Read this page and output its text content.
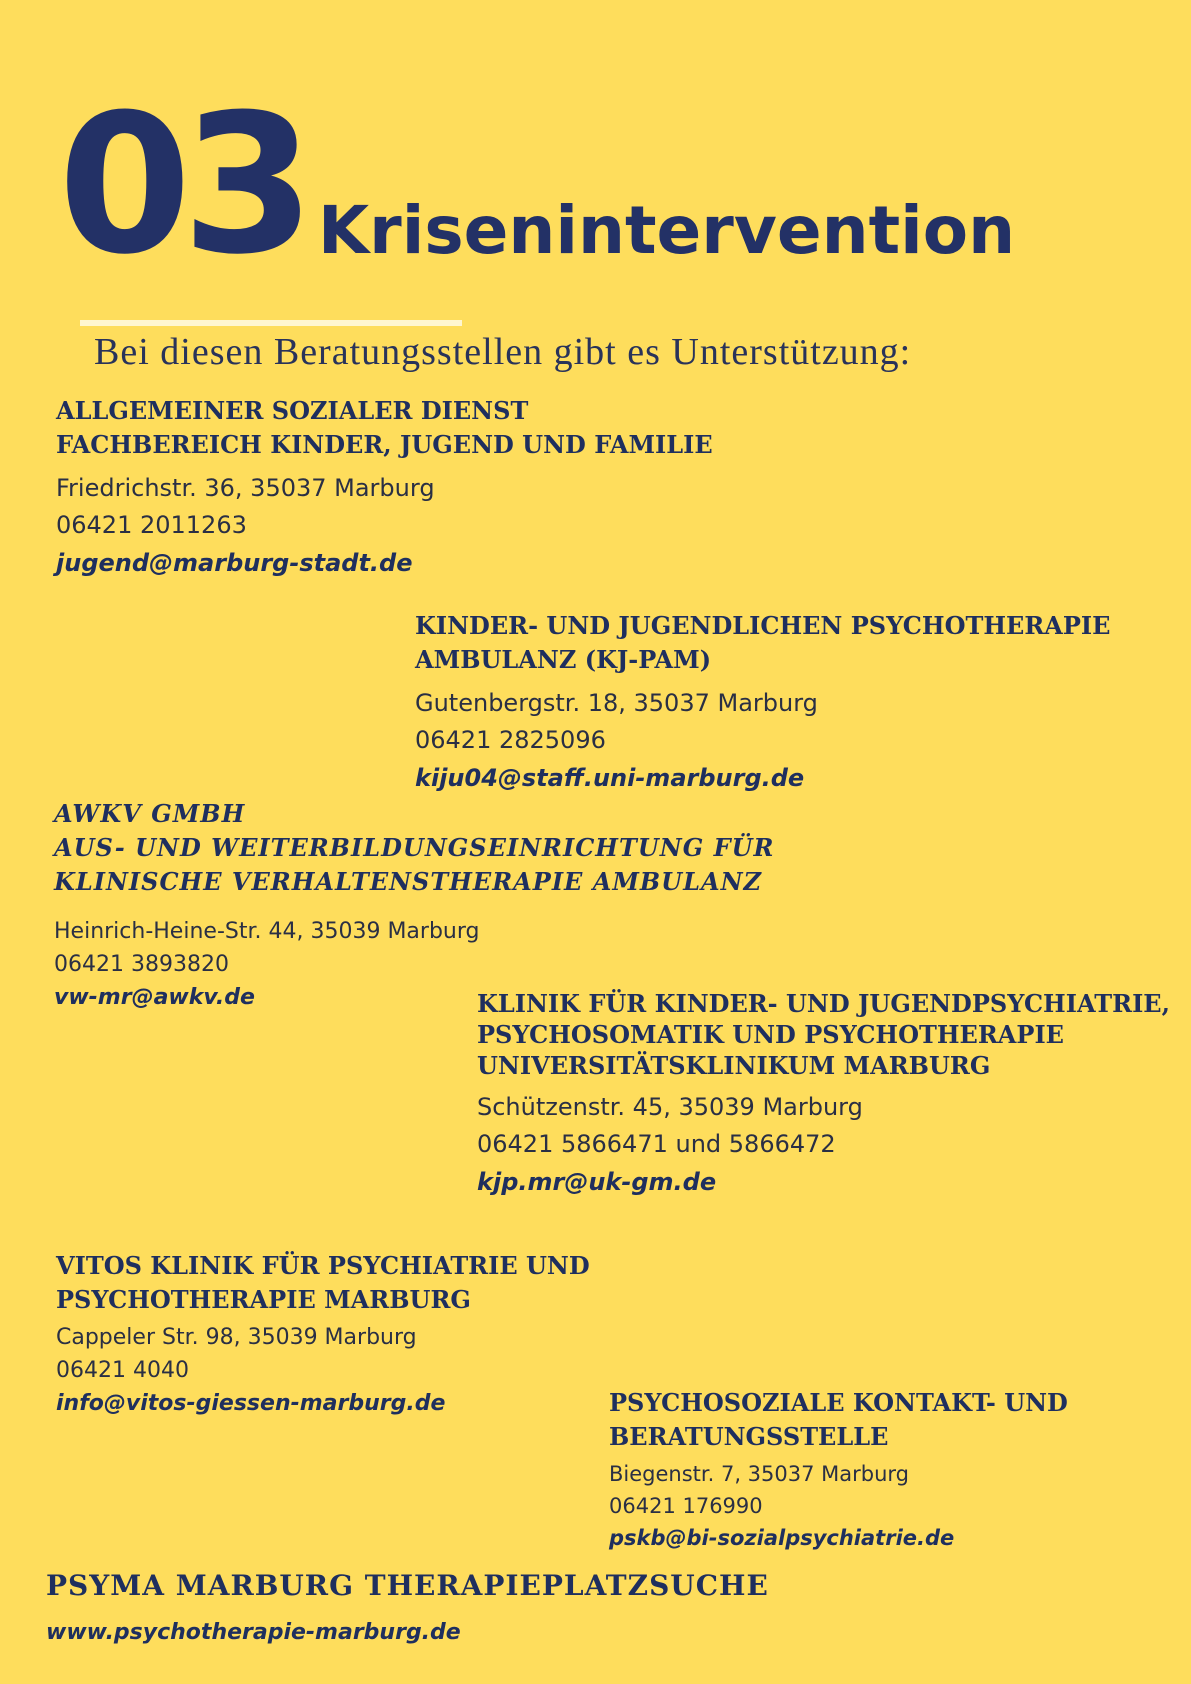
03 Krisenintervention
Bei diesen Beratungsstellen gibt es Unterstützung:
ALLGEMEINER SOZIALER DIENST
FACHBEREICH KINDER, JUGEND UND FAMILIE
Friedrichstr. 36, 35037 Marburg
06421 2011263
jugend@marburg-stadt.de
KINDER- UND JUGENDLICHEN PSYCHOTHERAPIE
AMBULANZ (KJ-PAM)
Gutenbergstr. 18, 35037 Marburg
06421 2825096
kiju04@staff.uni-marburg.de
AWKV GMBH
AUS- UND WEITERBILDUNGSEINRICHTUNG FÜR
KLINISCHE VERHALTENSTHERAPIE AMBULANZ
Heinrich-Heine-Str. 44, 35039 Marburg
06421 3893820
vw-mr@awkv.de	KLINIK FÜR KINDER- UND JUGENDPSYCHIATRIE,
PSYCHOSOMATIK UND PSYCHOTHERAPIE
UNIVERSITÄTSKLINIKUM MARBURG
Schützenstr. 45, 35039 Marburg
06421 5866471 und 5866472
kjp.mr@uk-gm.de
VITOS KLINIK FÜR PSYCHIATRIE UND
PSYCHOTHERAPIE MARBURG
Cappeler Str. 98, 35039 Marburg
06421 4040
info@vitos-giessen-marburg.de	PSYCHOSOZIALE KONTAKT- UND
BERATUNGSSTELLE
Biegenstr. 7, 35037 Marburg
06421 176990
pskb@bi-sozialpsychiatrie.de
PSYMA MARBURG THERAPIEPLATZSUCHE
www.psychotherapie-marburg.de
